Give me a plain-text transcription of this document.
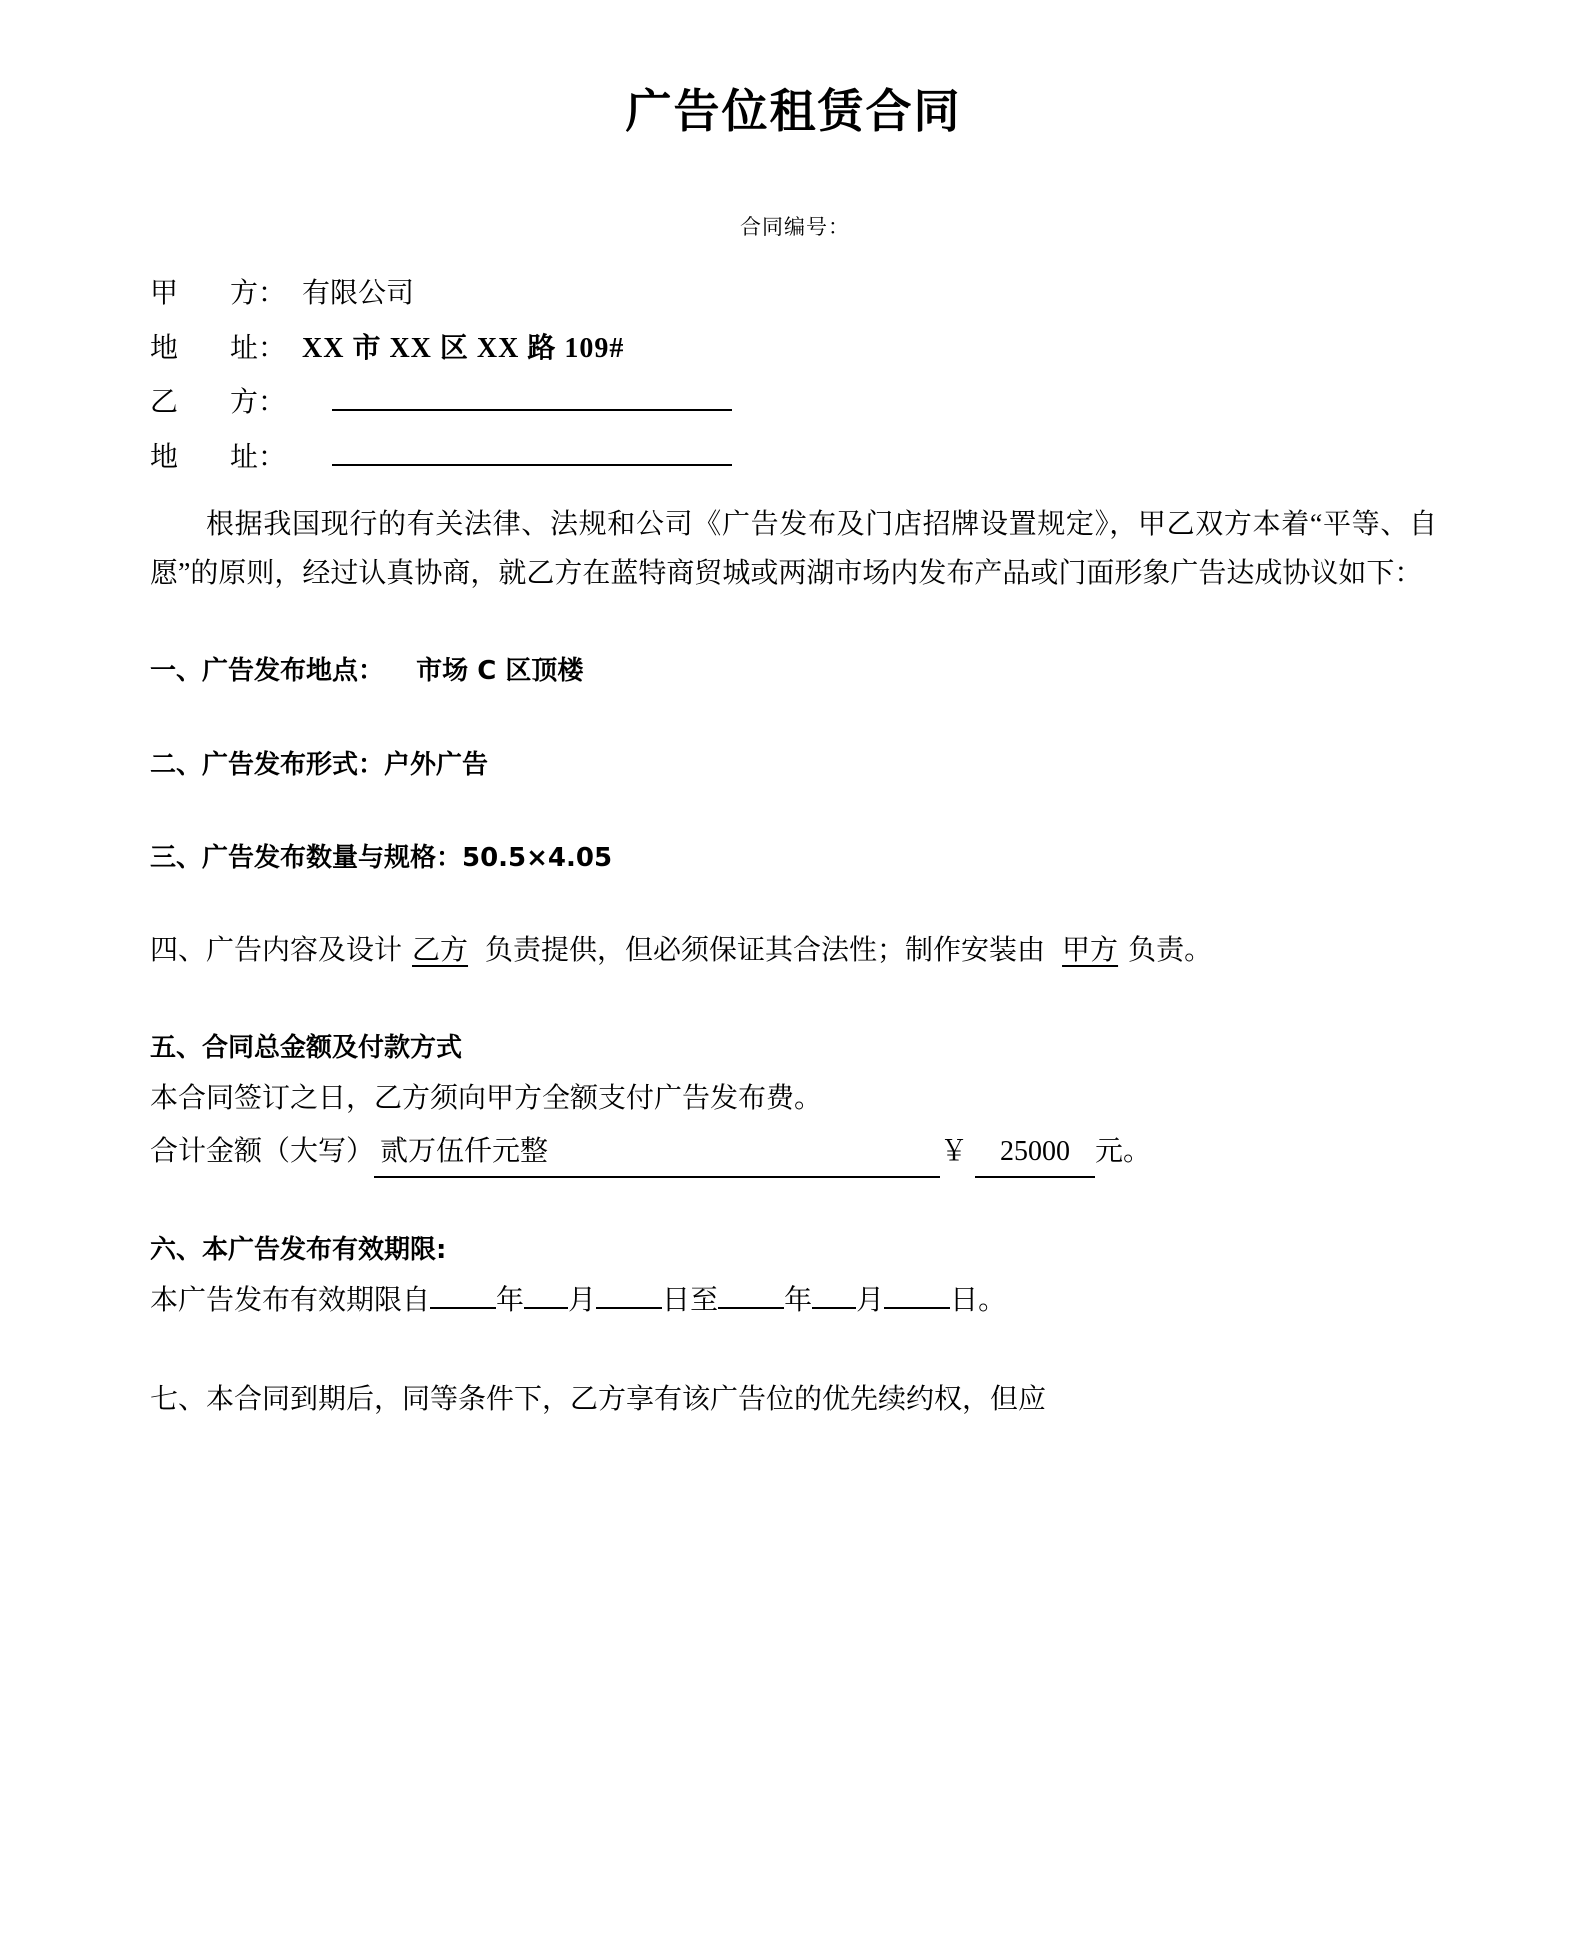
广告位租赁合同
合同编号：
甲 方： 有限公司
地 址： XX 市 XX 区 XX 路 109#
乙 方：
地 址：

根据我国现行的有关法律、法规和公司《广告发布及门店招牌设置规定》，甲乙双方本着“平等、自愿”的原则，经过认真协商，就乙方在蓝特商贸城或两湖市场内发布产品或门面形象广告达成协议如下：

一、广告发布地点： 市场 C 区顶楼
二、广告发布形式：户外广告
三、广告发布数量与规格：50.5×4.05
四、广告内容及设计 乙方 负责提供，但必须保证其合法性；制作安装由 甲方 负责。
五、合同总金额及付款方式
本合同签订之日，乙方须向甲方全额支付广告发布费。
合计金额（大写） 贰万伍仟元整	￥ 25000 元。
六、本广告发布有效期限:
本广告发布有效期限自 年 月 日至 年 月 日。
七、本合同到期后，同等条件下，乙方享有该广告位的优先续约权，但应
